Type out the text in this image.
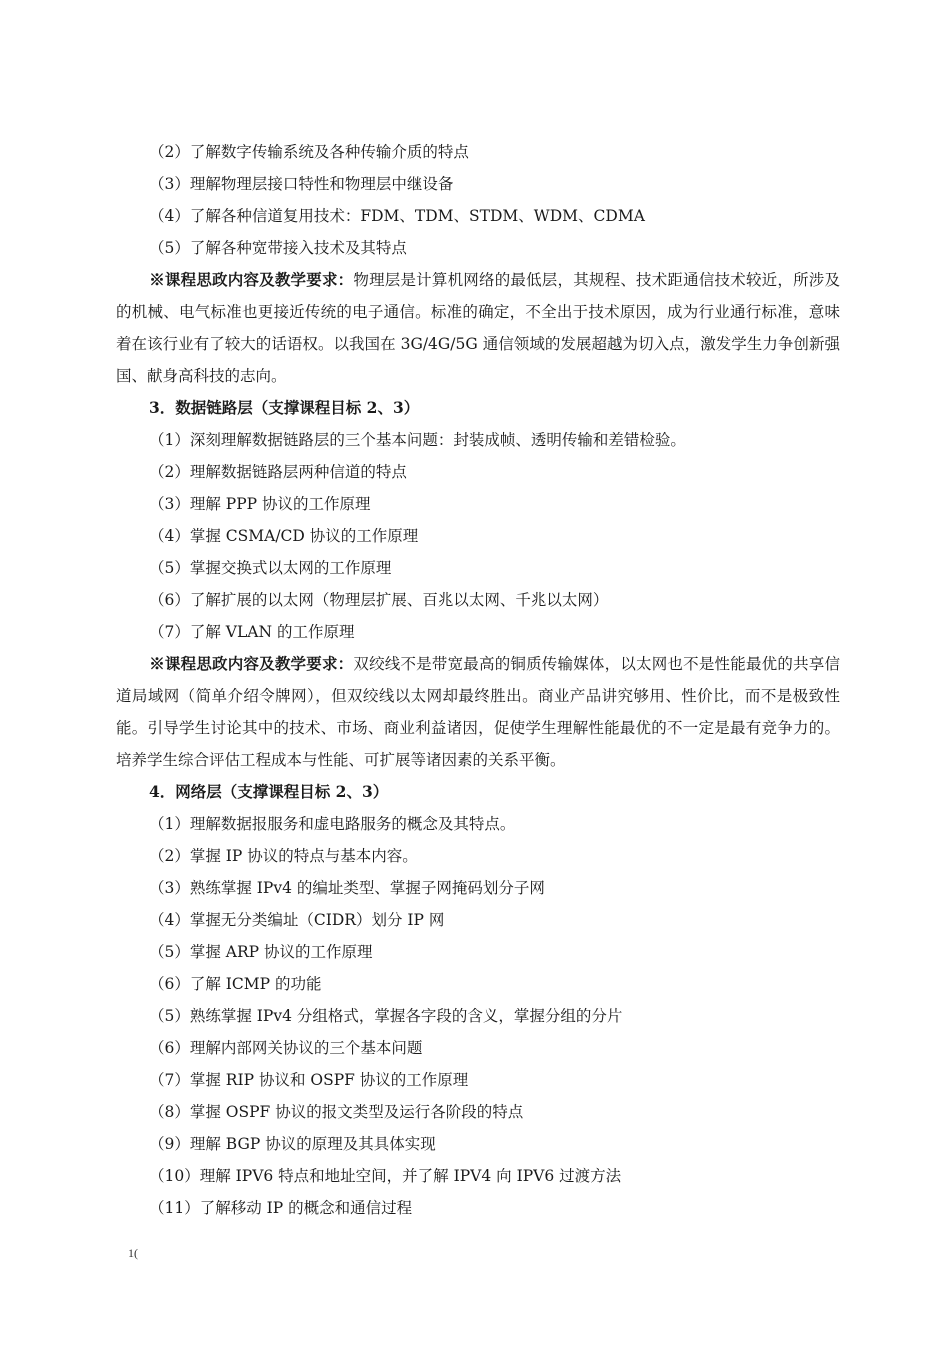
（2）了解数字传输系统及各种传输介质的特点
（3）理解物理层接口特性和物理层中继设备
（4）了解各种信道复用技术：FDM、TDM、STDM、WDM、CDMA
（5）了解各种宽带接入技术及其特点
※课程思政内容及教学要求：物理层是计算机网络的最低层，其规程、技术距通信技术较近，所涉及的机械、电气标准也更接近传统的电子通信。标准的确定，不全出于技术原因，成为行业通行标准，意味着在该行业有了较大的话语权。以我国在 3G/4G/5G 通信领域的发展超越为切入点，激发学生力争创新强国、献身高科技的志向。
3．数据链路层（支撑课程目标 2、3）
（1）深刻理解数据链路层的三个基本问题：封装成帧、透明传输和差错检验。
（2）理解数据链路层两种信道的特点
（3）理解 PPP 协议的工作原理
（4）掌握 CSMA/CD 协议的工作原理
（5）掌握交换式以太网的工作原理
（6）了解扩展的以太网（物理层扩展、百兆以太网、千兆以太网）
（7）了解 VLAN 的工作原理
※课程思政内容及教学要求：双绞线不是带宽最高的铜质传输媒体，以太网也不是性能最优的共享信道局域网（简单介绍令牌网），但双绞线以太网却最终胜出。商业产品讲究够用、性价比，而不是极致性能。引导学生讨论其中的技术、市场、商业利益诸因，促使学生理解性能最优的不一定是最有竞争力的。培养学生综合评估工程成本与性能、可扩展等诸因素的关系平衡。
4．网络层（支撑课程目标 2、3）
（1）理解数据报服务和虚电路服务的概念及其特点。
（2）掌握 IP 协议的特点与基本内容。
（3）熟练掌握 IPv4 的编址类型、掌握子网掩码划分子网
（4）掌握无分类编址（CIDR）划分 IP 网
（5）掌握 ARP 协议的工作原理
（6）了解 ICMP 的功能
（5）熟练掌握 IPv4 分组格式，掌握各字段的含义，掌握分组的分片
（6）理解内部网关协议的三个基本问题
（7）掌握 RIP 协议和 OSPF 协议的工作原理
（8）掌握 OSPF 协议的报文类型及运行各阶段的特点
（9）理解 BGP 协议的原理及其具体实现
（10）理解 IPV6 特点和地址空间，并了解 IPV4 向 IPV6 过渡方法
（11）了解移动 IP 的概念和通信过程
1(
